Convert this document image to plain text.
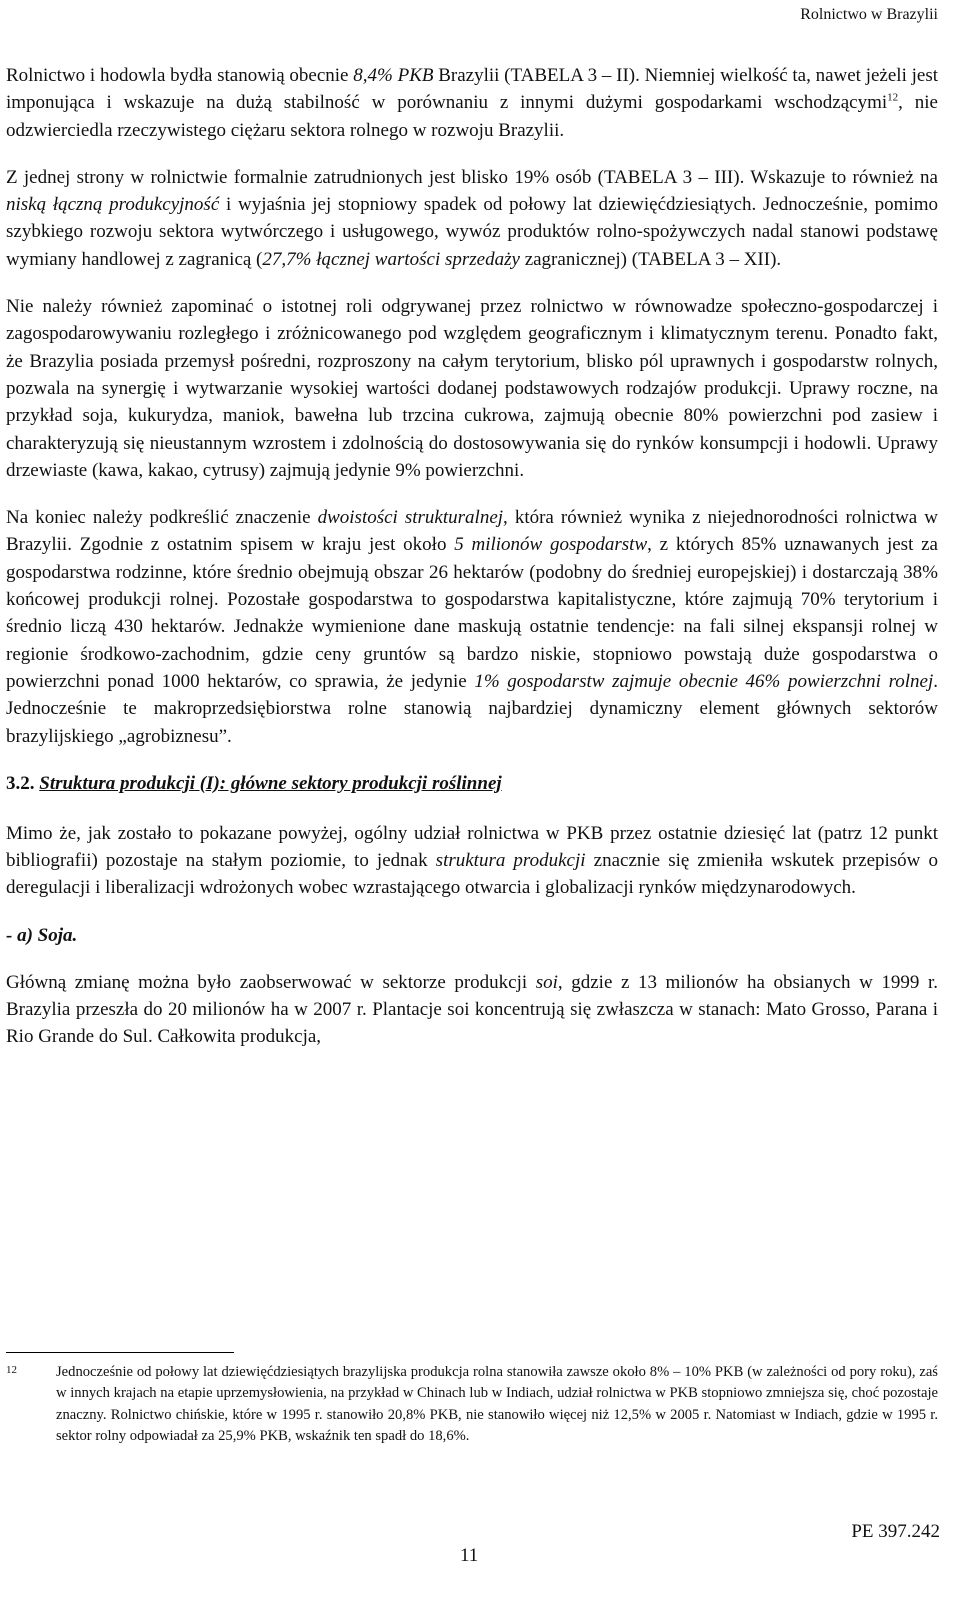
Rolnictwo w Brazylii

Rolnictwo i hodowla bydła stanowią obecnie 8,4% PKB Brazylii (TABELA 3 – II). Niemniej wielkość ta, nawet jeżeli jest imponująca i wskazuje na dużą stabilność w porównaniu z innymi dużymi gospodarkami wschodzącymi$^{12}$, nie odzwierciedla rzeczywistego ciężaru sektora rolnego w rozwoju Brazylii.

Z jednej strony w rolnictwie formalnie zatrudnionych jest blisko 19% osób (TABELA 3 – III). Wskazuje to również na niską łączną produkcyjność i wyjaśnia jej stopniowy spadek od połowy lat dziewięćdziesiątych. Jednocześnie, pomimo szybkiego rozwoju sektora wytwórczego i usługowego, wywóz produktów rolno-spożywczych nadal stanowi podstawę wymiany handlowej z zagranicą (27,7% łącznej wartości sprzedaży zagranicznej) (TABELA 3 – XII).

Nie należy również zapominać o istotnej roli odgrywanej przez rolnictwo w równowadze społeczno-gospodarczej i zagospodarowywaniu rozległego i zróżnicowanego pod względem geograficznym i klimatycznym terenu. Ponadto fakt, że Brazylia posiada przemysł pośredni, rozproszony na całym terytorium, blisko pól uprawnych i gospodarstw rolnych, pozwala na synergię i wytwarzanie wysokiej wartości dodanej podstawowych rodzajów produkcji. Uprawy roczne, na przykład soja, kukurydza, maniok, bawełna lub trzcina cukrowa, zajmują obecnie 80% powierzchni pod zasiew i charakteryzują się nieustannym wzrostem i zdolnością do dostosowywania się do rynków konsumpcji i hodowli. Uprawy drzewiaste (kawa, kakao, cytrusy) zajmują jedynie 9% powierzchni.

Na koniec należy podkreślić znaczenie dwoistości strukturalnej, która również wynika z niejednorodności rolnictwa w Brazylii. Zgodnie z ostatnim spisem w kraju jest około 5 milionów gospodarstw, z których 85% uznawanych jest za gospodarstwa rodzinne, które średnio obejmują obszar 26 hektarów (podobny do średniej europejskiej) i dostarczają 38% końcowej produkcji rolnej. Pozostałe gospodarstwa to gospodarstwa kapitalistyczne, które zajmują 70% terytorium i średnio liczą 430 hektarów. Jednakże wymienione dane maskują ostatnie tendencje: na fali silnej ekspansji rolnej w regionie środkowo-zachodnim, gdzie ceny gruntów są bardzo niskie, stopniowo powstają duże gospodarstwa o powierzchni ponad 1000 hektarów, co sprawia, że jedynie 1% gospodarstw zajmuje obecnie 46% powierzchni rolnej. Jednocześnie te makroprzedsiębiorstwa rolne stanowią najbardziej dynamiczny element głównych sektorów brazylijskiego „agrobiznesu”.

3.2. Struktura produkcji (I): główne sektory produkcji roślinnej

Mimo że, jak zostało to pokazane powyżej, ogólny udział rolnictwa w PKB przez ostatnie dziesięć lat (patrz 12 punkt bibliografii) pozostaje na stałym poziomie, to jednak struktura produkcji znacznie się zmieniła wskutek przepisów o deregulacji i liberalizacji wdrożonych wobec wzrastającego otwarcia i globalizacji rynków międzynarodowych.

- a) Soja.

Główną zmianę można było zaobserwować w sektorze produkcji soi, gdzie z 13 milionów ha obsianych w 1999 r. Brazylia przeszła do 20 milionów ha w 2007 r. Plantacje soi koncentrują się zwłaszcza w stanach: Mato Grosso, Parana i Rio Grande do Sul. Całkowita produkcja,

12	Jednocześnie od połowy lat dziewięćdziesiątych brazylijska produkcja rolna stanowiła zawsze około 8% – 10% PKB (w zależności od pory roku), zaś w innych krajach na etapie uprzemysłowienia, na przykład w Chinach lub w Indiach, udział rolnictwa w PKB stopniowo zmniejsza się, choć pozostaje znaczny. Rolnictwo chińskie, które w 1995 r. stanowiło 20,8% PKB, nie stanowiło więcej niż 12,5% w 2005 r. Natomiast w Indiach, gdzie w 1995 r. sektor rolny odpowiadał za 25,9% PKB, wskaźnik ten spadł do 18,6%.
PE 397.242
11
